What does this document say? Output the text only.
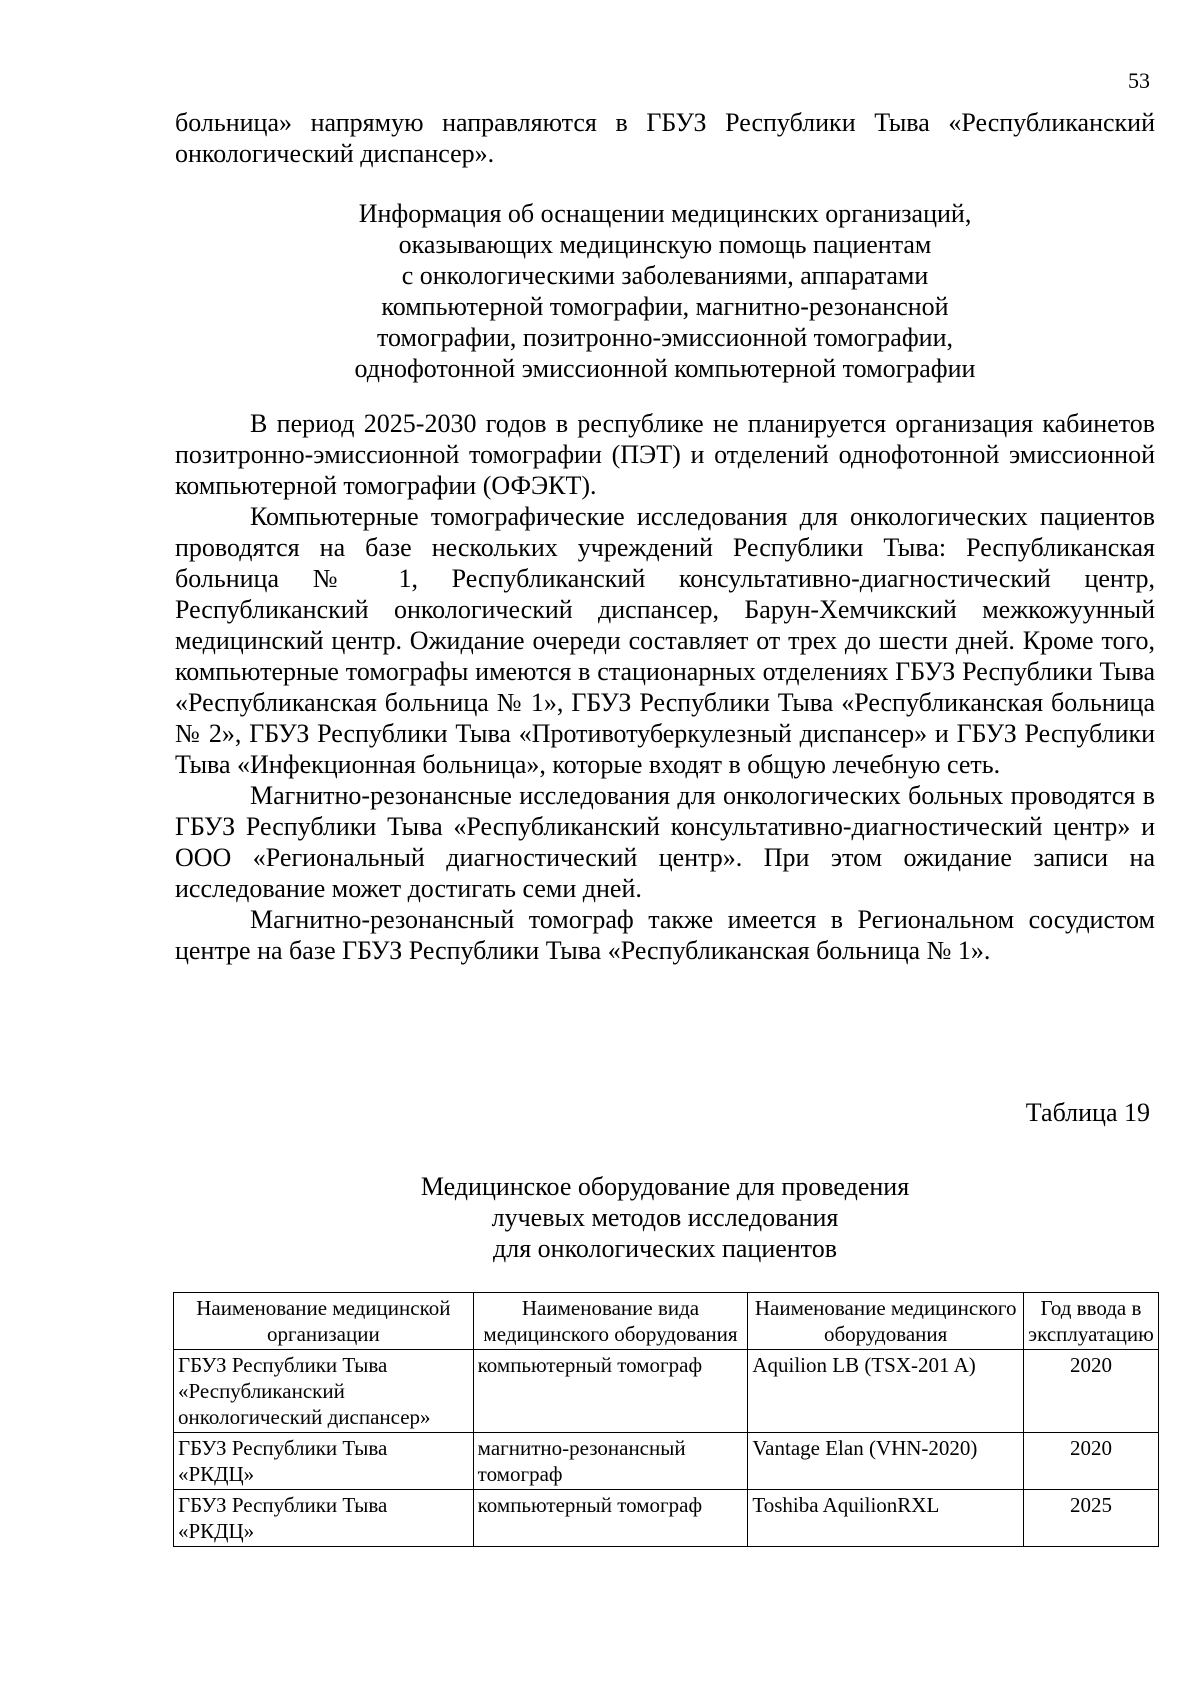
53

больница» напрямую направляются в ГБУЗ Республики Тыва «Республиканский онкологический диспансер».

Информация об оснащении медицинских организаций,
оказывающих медицинскую помощь пациентам
с онкологическими заболеваниями, аппаратами
компьютерной томографии, магнитно-резонансной
томографии, позитронно-эмиссионной томографии,
однофотонной эмиссионной компьютерной томографии

В период 2025-2030 годов в республике не планируется организация кабинетов позитронно-эмиссионной томографии (ПЭТ) и отделений однофотонной эмиссионной компьютерной томографии (ОФЭКТ).

Компьютерные томографические исследования для онкологических пациентов проводятся на базе нескольких учреждений Республики Тыва: Республиканская больница № 1, Республиканский консультативно-диагностический центр, Республиканский онкологический диспансер, Барун-Хемчикский межкожуунный медицинский центр. Ожидание очереди составляет от трех до шести дней. Кроме того, компьютерные томографы имеются в стационарных отделениях ГБУЗ Республики Тыва «Республиканская больница № 1», ГБУЗ Республики Тыва «Республиканская больница № 2», ГБУЗ Республики Тыва «Противотуберкулезный диспансер» и ГБУЗ Республики Тыва «Инфекционная больница», которые входят в общую лечебную сеть.

Магнитно-резонансные исследования для онкологических больных проводятся в ГБУЗ Республики Тыва «Республиканский консультативно-диагностический центр» и ООО «Региональный диагностический центр». При этом ожидание записи на исследование может достигать семи дней.

Магнитно-резонансный томограф также имеется в Региональном сосудистом центре на базе ГБУЗ Республики Тыва «Республиканская больница № 1».

Таблица 19
Медицинское оборудование для проведения
лучевых методов исследования
для онкологических пациентов
Наименование медицинской организации	Наименование вида медицинского оборудования	Наименование медицинского оборудования	Год ввода в эксплуатацию
ГБУЗ Республики Тыва «Республиканский онкологический диспансер»	компьютерный томограф	Aquilion LB (TSX-201 A)	2020
ГБУЗ Республики Тыва «РКДЦ»	магнитно-резонансный томограф	Vantage Elan (VHN-2020)	2020
ГБУЗ Республики Тыва «РКДЦ»	компьютерный томограф	Toshiba AquilionRXL	2025
